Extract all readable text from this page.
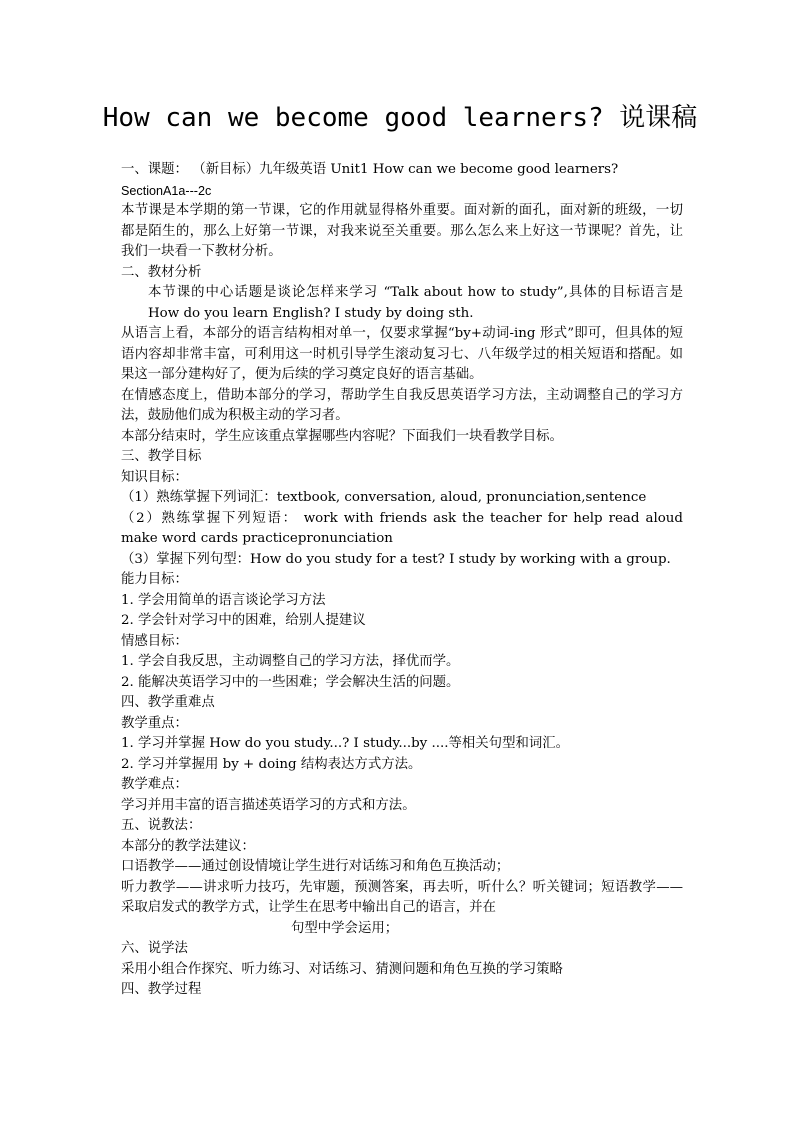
How can we become good learners? 说课稿

一、课题： （新目标）九年级英语 Unit1 How can we become good learners?

SectionA1a---2c

本节课是本学期的第一节课，它的作用就显得格外重要。面对新的面孔，面对新的班级，一切都是陌生的，那么上好第一节课，对我来说至关重要。那么怎么来上好这一节课呢？首先，让我们一块看一下教材分析。

二、教材分析

本节课的中心话题是谈论怎样来学习 “Talk about how to study”,具体的目标语言是 How do you learn English? I study by doing sth.

从语言上看，本部分的语言结构相对单一，仅要求掌握“by+动词-ing 形式”即可，但具体的短语内容却非常丰富，可利用这一时机引导学生滚动复习七、八年级学过的相关短语和搭配。如果这一部分建构好了，便为后续的学习奠定良好的语言基础。

在情感态度上，借助本部分的学习，帮助学生自我反思英语学习方法，主动调整自己的学习方法，鼓励他们成为积极主动的学习者。

本部分结束时，学生应该重点掌握哪些内容呢？下面我们一块看教学目标。

三、教学目标

知识目标：

（1）熟练掌握下列词汇：textbook, conversation, aloud, pronunciation,sentence

（2）熟练掌握下列短语： work with friends ask the teacher for help read aloud make word cards practicepronunciation

（3）掌握下列句型：How do you study for a test? I study by working with a group.

能力目标：

1. 学会用简单的语言谈论学习方法

2. 学会针对学习中的困难，给别人提建议

情感目标：

1. 学会自我反思，主动调整自己的学习方法，择优而学。

2. 能解决英语学习中的一些困难；学会解决生活的问题。

四、教学重难点

教学重点：

1. 学习并掌握 How do you study...? I study...by ....等相关句型和词汇。

2. 学习并掌握用 by + doing 结构表达方式方法。

教学难点：

学习并用丰富的语言描述英语学习的方式和方法。

五、说教法：

本部分的教学法建议：

口语教学——通过创设情境让学生进行对话练习和角色互换活动；

听力教学——讲求听力技巧，先审题，预测答案，再去听，听什么？听关键词；短语教学——采取启发式的教学方式，让学生在思考中输出自己的语言，并在

句型中学会运用；

六、说学法

采用小组合作探究、听力练习、对话练习、猜测问题和角色互换的学习策略

四、教学过程
